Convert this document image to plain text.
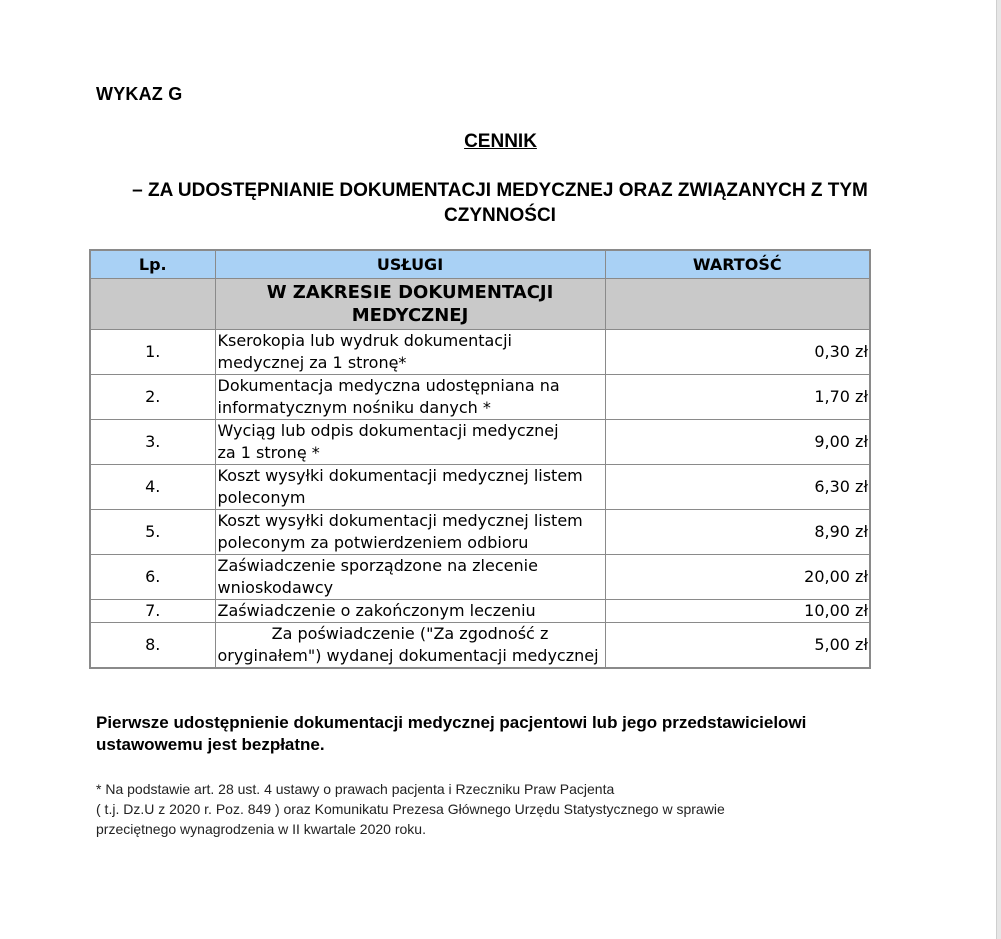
WYKAZ G
CENNIK
– ZA UDOSTĘPNIANIE DOKUMENTACJI MEDYCZNEJ ORAZ ZWIĄZANYCH Z TYM
CZYNNOŚCI
Lp.	USŁUGI	WARTOŚĆ

	W ZAKRESIE DOKUMENTACJI
MEDYCZNEJ	

1.	Kserokopia lub wydruk dokumentacji
medycznej za 1 stronę*	0,30 zł
2.	Dokumentacja medyczna udostępniana na
informatycznym nośniku danych *	1,70 zł
3.	Wyciąg lub odpis dokumentacji medycznej
za 1 stronę *	9,00 zł
4.	Koszt wysyłki dokumentacji medycznej listem
poleconym	6,30 zł
5.	Koszt wysyłki dokumentacji medycznej listem
poleconym za potwierdzeniem odbioru	8,90 zł
6.	Zaświadczenie sporządzone na zlecenie
wnioskodawcy	20,00 zł
7.	Zaświadczenie o zakończonym leczeniu	10,00 zł
8.	Za poświadczenie ("Za zgodność z
oryginałem") wydanej dokumentacji medycznej	5,00 zł
Pierwsze udostępnienie dokumentacji medycznej pacjentowi lub jego przedstawicielowi
ustawowemu jest bezpłatne.
* Na podstawie art. 28 ust. 4 ustawy o prawach pacjenta i Rzeczniku Praw Pacjenta
( t.j. Dz.U z 2020 r. Poz. 849 ) oraz Komunikatu Prezesa Głównego Urzędu Statystycznego w sprawie
przeciętnego wynagrodzenia w II kwartale 2020 roku.
